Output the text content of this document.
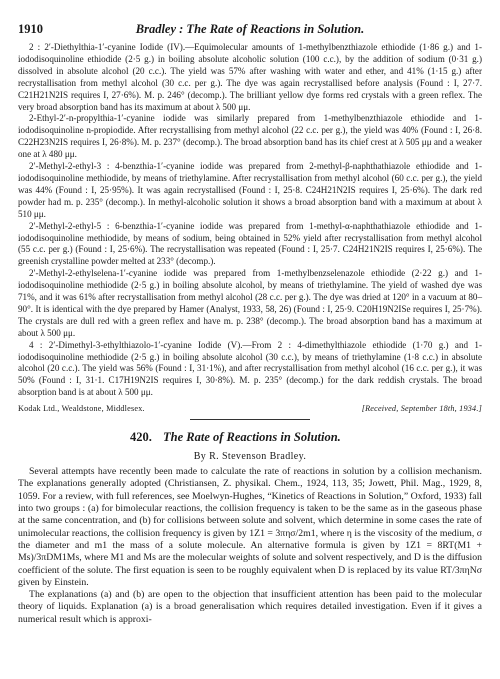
1910	Bradley : The Rate of Reactions in Solution.

2 : 2′-Diethylthia-1′-cyanine Iodide (IV).—Equimolecular amounts of 1-methylbenzthiazole ethiodide (1·86 g.) and 1-iododisoquinoline ethiodide (2·5 g.) in boiling absolute alcoholic solution (100 c.c.), by the addition of sodium (0·31 g.) dissolved in absolute alcohol (20 c.c.). The yield was 57% after washing with water and ether, and 41% (1·15 g.) after recrystallisation from methyl alcohol (30 c.c. per g.). The dye was again recrystallised before analysis (Found : I, 27·7. C21H21N2IS requires I, 27·6%). M. p. 246° (decomp.). The brilliant yellow dye forms red crystals with a green reflex. The very broad absorption band has its maximum at about λ 500 μμ.

2-Ethyl-2′-n-propylthia-1′-cyanine iodide was similarly prepared from 1-methylbenzthiazole ethiodide and 1-iododisoquinoline n-propiodide. After recrystallising from methyl alcohol (22 c.c. per g.), the yield was 40% (Found : I, 26·8. C22H23N2IS requires I, 26·8%). M. p. 237° (decomp.). The broad absorption band has its chief crest at λ 505 μμ and a weaker one at λ 480 μμ.

2′-Methyl-2-ethyl-3 : 4-benzthia-1′-cyanine iodide was prepared from 2-methyl-β-naphthathiazole ethiodide and 1-iododisoquinoline methiodide, by means of triethylamine. After recrystallisation from methyl alcohol (60 c.c. per g.), the yield was 44% (Found : I, 25·95%). It was again recrystallised (Found : I, 25·8. C24H21N2IS requires I, 25·6%). The dark red powder had m. p. 235° (decomp.). In methyl-alcoholic solution it shows a broad absorption band with a maximum at about λ 510 μμ.

2′-Methyl-2-ethyl-5 : 6-benzthia-1′-cyanine iodide was prepared from 1-methyl-α-naphthathiazole ethiodide and 1-iododisoquinoline methiodide, by means of sodium, being obtained in 52% yield after recrystallisation from methyl alcohol (55 c.c. per g.) (Found : I, 25·6%). The recrystallisation was repeated (Found : I, 25·7. C24H21N2IS requires I, 25·6%). The greenish crystalline powder melted at 233° (decomp.).

2′-Methyl-2-ethylselena-1′-cyanine iodide was prepared from 1-methylbenzselenazole ethiodide (2·22 g.) and 1-iododisoquinoline methiodide (2·5 g.) in boiling absolute alcohol, by means of triethylamine. The yield of washed dye was 71%, and it was 61% after recrystallisation from methyl alcohol (28 c.c. per g.). The dye was dried at 120° in a vacuum at 80–90°. It is identical with the dye prepared by Hamer (Analyst, 1933, 58, 26) (Found : I, 25·9. C20H19N2ISe requires I, 25·7%). The crystals are dull red with a green reflex and have m. p. 238° (decomp.). The broad absorption band has a maximum at about λ 500 μμ.

4 : 2′-Dimethyl-3-ethylthiazolo-1′-cyanine Iodide (V).—From 2 : 4-dimethylthiazole ethiodide (1·70 g.) and 1-iododisoquinoline methiodide (2·5 g.) in boiling absolute alcohol (30 c.c.), by means of triethylamine (1·8 c.c.) in absolute alcohol (20 c.c.). The yield was 56% (Found : I, 31·1%), and after recrystallisation from methyl alcohol (16 c.c. per g.), it was 50% (Found : I, 31·1. C17H19N2IS requires I, 30·8%). M. p. 235° (decomp.) for the dark reddish crystals. The broad absorption band is at about λ 500 μμ.

Kodak Ltd., Wealdstone, Middlesex.	[Received, September 18th, 1934.]
420. The Rate of Reactions in Solution.
By R. Stevenson Bradley.

Several attempts have recently been made to calculate the rate of reactions in solution by a collision mechanism. The explanations generally adopted (Christiansen, Z. physikal. Chem., 1924, 113, 35; Jowett, Phil. Mag., 1929, 8, 1059. For a review, with full references, see Moelwyn-Hughes, “Kinetics of Reactions in Solution,” Oxford, 1933) fall into two groups : (a) for bimolecular reactions, the collision frequency is taken to be the same as in the gaseous phase at the same concentration, and (b) for collisions between solute and solvent, which determine in some cases the rate of unimolecular reactions, the collision frequency is given by 1Z1 = 3πησ/2m1, where η is the viscosity of the medium, σ the diameter and m1 the mass of a solute molecule. An alternative formula is given by 1Z1 = 8RT(M1 + Ms)/3πDM1Ms, where M1 and Ms are the molecular weights of solute and solvent respectively, and D is the diffusion coefficient of the solute. The first equation is seen to be roughly equivalent when D is replaced by its value RT/3πηNσ given by Einstein.

The explanations (a) and (b) are open to the objection that insufficient attention has been paid to the molecular theory of liquids. Explanation (a) is a broad generalisation which requires detailed investigation. Even if it gives a numerical result which is approxi-
